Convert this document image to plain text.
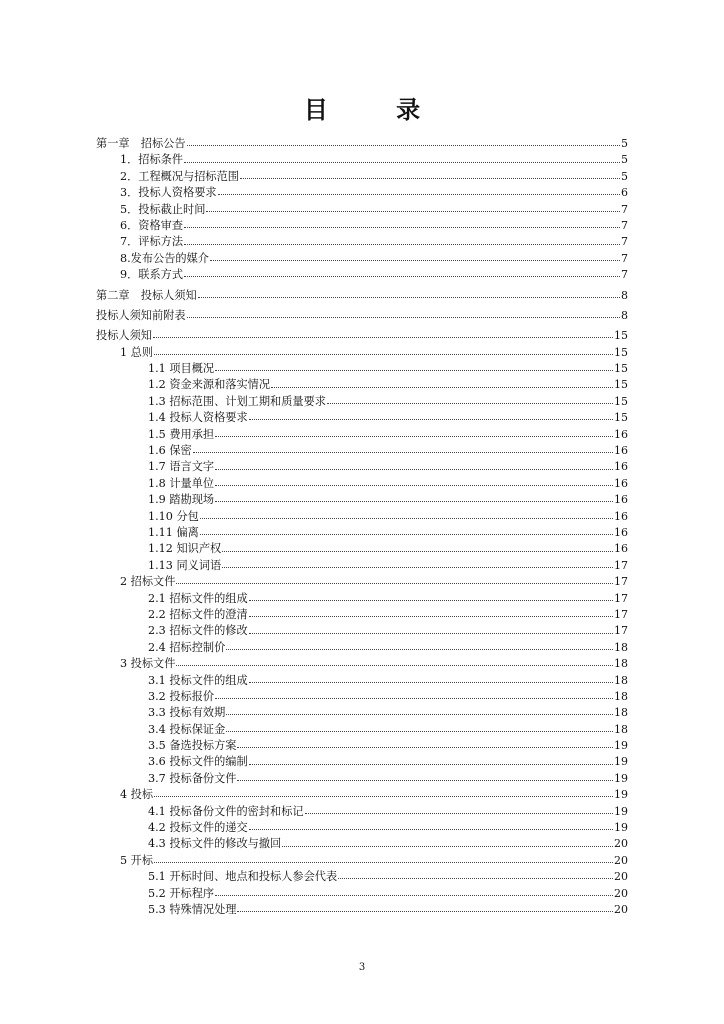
目 录
第一章　招标公告	5
1．招标条件	5
2．工程概况与招标范围	5
3．投标人资格要求	6
5．投标截止时间	7
6．资格审查	7
7．评标方法	7
8.发布公告的媒介	7
9．联系方式	7
第二章　投标人须知	8
投标人须知前附表	8
投标人须知	15
1 总则	15
1.1 项目概况	15
1.2 资金来源和落实情况	15
1.3 招标范围、计划工期和质量要求	15
1.4 投标人资格要求	15
1.5 费用承担	16
1.6 保密	16
1.7 语言文字	16
1.8 计量单位	16
1.9 踏勘现场	16
1.10 分包	16
1.11 偏离	16
1.12 知识产权	16
1.13 同义词语	17
2 招标文件	17
2.1 招标文件的组成	17
2.2 招标文件的澄清	17
2.3 招标文件的修改	17
2.4 招标控制价	18
3 投标文件	18
3.1 投标文件的组成	18
3.2 投标报价	18
3.3 投标有效期	18
3.4 投标保证金	18
3.5 备选投标方案	19
3.6 投标文件的编制	19
3.7 投标备份文件	19
4 投标	19
4.1 投标备份文件的密封和标记	19
4.2 投标文件的递交	19
4.3 投标文件的修改与撤回	20
5 开标	20
5.1 开标时间、地点和投标人参会代表	20
5.2 开标程序	20
5.3 特殊情况处理	20
3
